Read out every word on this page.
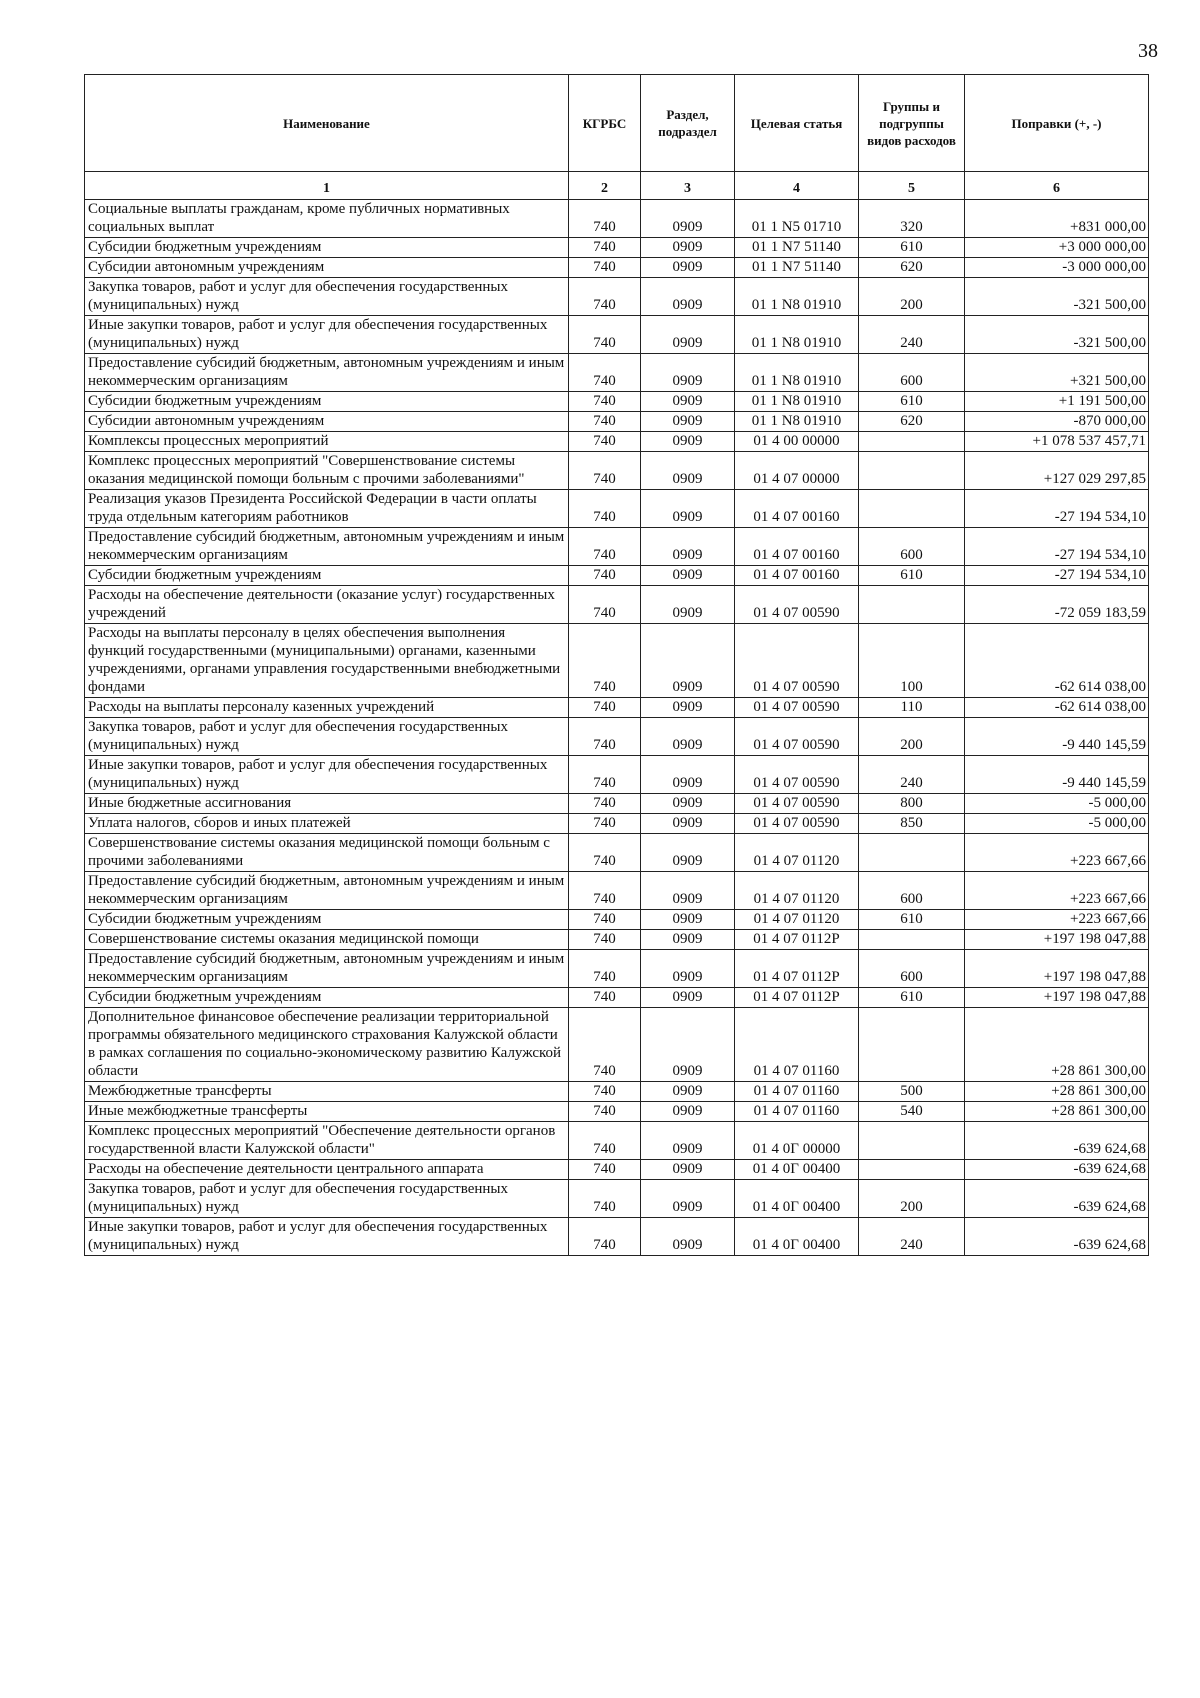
38
Наименование	КГРБС	Раздел, подраздел	Целевая статья	Группы и подгруппы видов расходов	Поправки (+, -)
1	2	3	4	5	6
Социальные выплаты гражданам, кроме публичных нормативных социальных выплат	740	0909	01 1 N5 01710	320	+831 000,00
Субсидии бюджетным учреждениям	740	0909	01 1 N7 51140	610	+3 000 000,00
Субсидии автономным учреждениям	740	0909	01 1 N7 51140	620	-3 000 000,00
Закупка товаров, работ и услуг для обеспечения государственных (муниципальных) нужд	740	0909	01 1 N8 01910	200	-321 500,00
Иные закупки товаров, работ и услуг для обеспечения государственных (муниципальных) нужд	740	0909	01 1 N8 01910	240	-321 500,00
Предоставление субсидий бюджетным, автономным учреждениям и иным некоммерческим организациям	740	0909	01 1 N8 01910	600	+321 500,00
Субсидии бюджетным учреждениям	740	0909	01 1 N8 01910	610	+1 191 500,00
Субсидии автономным учреждениям	740	0909	01 1 N8 01910	620	-870 000,00
Комплексы процессных мероприятий	740	0909	01 4 00 00000		+1 078 537 457,71
Комплекс процессных мероприятий "Совершенствование системы оказания медицинской помощи больным с прочими заболеваниями"	740	0909	01 4 07 00000		+127 029 297,85
Реализация указов Президента Российской Федерации в части оплаты труда отдельным категориям работников	740	0909	01 4 07 00160		-27 194 534,10
Предоставление субсидий бюджетным, автономным учреждениям и иным некоммерческим организациям	740	0909	01 4 07 00160	600	-27 194 534,10
Субсидии бюджетным учреждениям	740	0909	01 4 07 00160	610	-27 194 534,10
Расходы на обеспечение деятельности (оказание услуг) государственных учреждений	740	0909	01 4 07 00590		-72 059 183,59
Расходы на выплаты персоналу в целях обеспечения выполнения функций государственными (муниципальными) органами, казенными учреждениями, органами управления государственными внебюджетными фондами	740	0909	01 4 07 00590	100	-62 614 038,00
Расходы на выплаты персоналу казенных учреждений	740	0909	01 4 07 00590	110	-62 614 038,00
Закупка товаров, работ и услуг для обеспечения государственных (муниципальных) нужд	740	0909	01 4 07 00590	200	-9 440 145,59
Иные закупки товаров, работ и услуг для обеспечения государственных (муниципальных) нужд	740	0909	01 4 07 00590	240	-9 440 145,59
Иные бюджетные ассигнования	740	0909	01 4 07 00590	800	-5 000,00
Уплата налогов, сборов и иных платежей	740	0909	01 4 07 00590	850	-5 000,00
Совершенствование системы оказания медицинской помощи больным с прочими заболеваниями	740	0909	01 4 07 01120		+223 667,66
Предоставление субсидий бюджетным, автономным учреждениям и иным некоммерческим организациям	740	0909	01 4 07 01120	600	+223 667,66
Субсидии бюджетным учреждениям	740	0909	01 4 07 01120	610	+223 667,66
Совершенствование системы оказания медицинской помощи	740	0909	01 4 07 0112P		+197 198 047,88
Предоставление субсидий бюджетным, автономным учреждениям и иным некоммерческим организациям	740	0909	01 4 07 0112P	600	+197 198 047,88
Субсидии бюджетным учреждениям	740	0909	01 4 07 0112P	610	+197 198 047,88
Дополнительное финансовое обеспечение реализации территориальной программы обязательного медицинского страхования Калужской области в рамках соглашения по социально-экономическому развитию Калужской области	740	0909	01 4 07 01160		+28 861 300,00
Межбюджетные трансферты	740	0909	01 4 07 01160	500	+28 861 300,00
Иные межбюджетные трансферты	740	0909	01 4 07 01160	540	+28 861 300,00
Комплекс процессных мероприятий "Обеспечение деятельности органов государственной власти Калужской области"	740	0909	01 4 0Г 00000		-639 624,68
Расходы на обеспечение деятельности центрального аппарата	740	0909	01 4 0Г 00400		-639 624,68
Закупка товаров, работ и услуг для обеспечения государственных (муниципальных) нужд	740	0909	01 4 0Г 00400	200	-639 624,68
Иные закупки товаров, работ и услуг для обеспечения государственных (муниципальных) нужд	740	0909	01 4 0Г 00400	240	-639 624,68
